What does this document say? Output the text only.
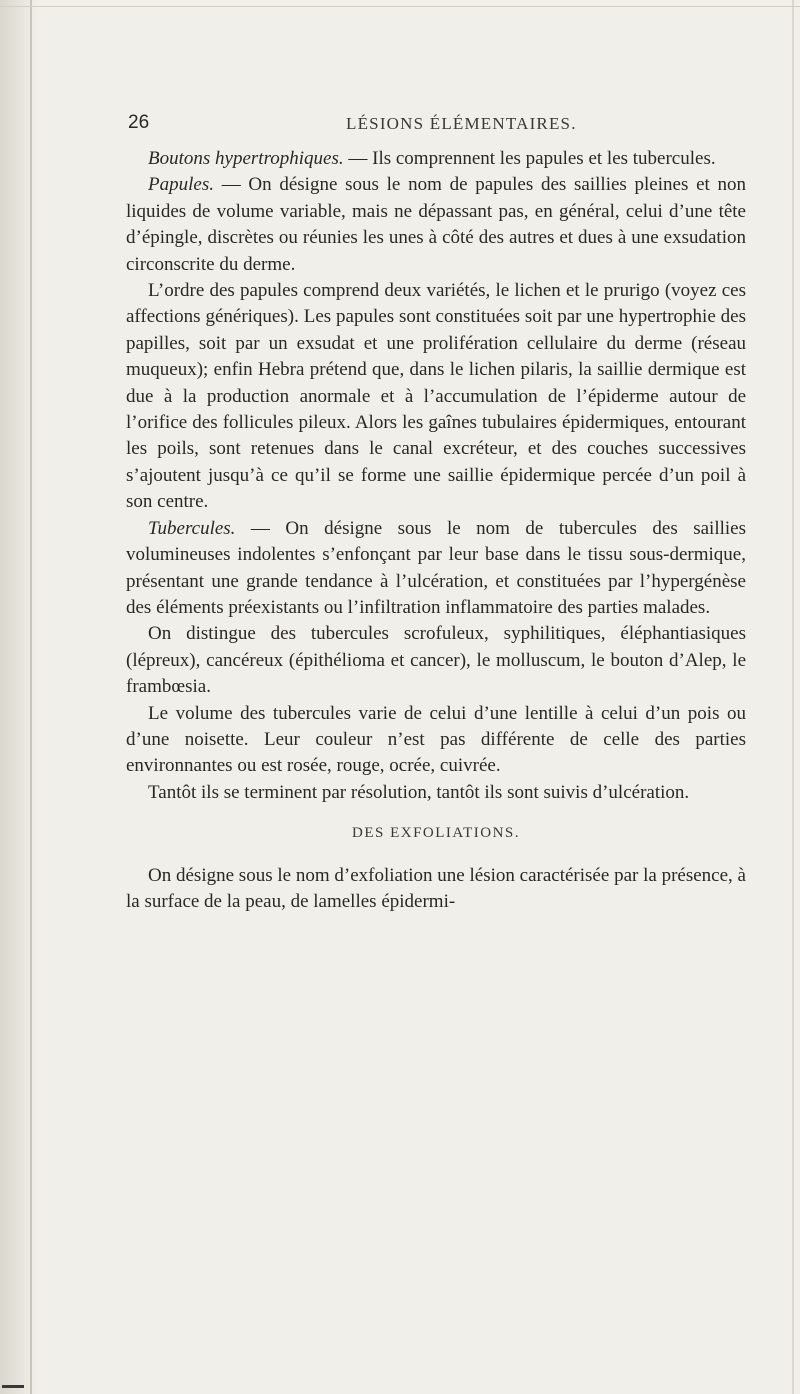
26	LÉSIONS ÉLÉMENTAIRES.

Boutons hypertrophiques. — Ils comprennent les papules et les tubercules.

Papules. — On désigne sous le nom de papules des saillies pleines et non liquides de volume variable, mais ne dépassant pas, en général, celui d’une tête d’épingle, discrètes ou réunies les unes à côté des autres et dues à une exsudation circonscrite du derme.

L’ordre des papules comprend deux variétés, le lichen et le prurigo (voyez ces affections génériques). Les papules sont constituées soit par une hypertrophie des papilles, soit par un exsudat et une prolifération cellulaire du derme (réseau muqueux); enfin Hebra prétend que, dans le lichen pilaris, la saillie dermique est due à la production anormale et à l’accumulation de l’épiderme autour de l’orifice des follicules pileux. Alors les gaînes tubulaires épidermiques, entourant les poils, sont retenues dans le canal excréteur, et des couches successives s’ajoutent jusqu’à ce qu’il se forme une saillie épidermique percée d’un poil à son centre.

Tubercules. — On désigne sous le nom de tubercules des saillies volumineuses indolentes s’enfonçant par leur base dans le tissu sous-dermique, présentant une grande tendance à l’ulcération, et constituées par l’hypergénèse des éléments préexistants ou l’infiltration inflammatoire des parties malades.

On distingue des tubercules scrofuleux, syphilitiques, éléphantiasiques (lépreux), cancéreux (épithélioma et cancer), le molluscum, le bouton d’Alep, le frambœsia.

Le volume des tubercules varie de celui d’une lentille à celui d’un pois ou d’une noisette. Leur couleur n’est pas différente de celle des parties environnantes ou est rosée, rouge, ocrée, cuivrée.

Tantôt ils se terminent par résolution, tantôt ils sont suivis d’ulcération.

DES EXFOLIATIONS.

On désigne sous le nom d’exfoliation une lésion caractérisée par la présence, à la surface de la peau, de lamelles épidermi-
